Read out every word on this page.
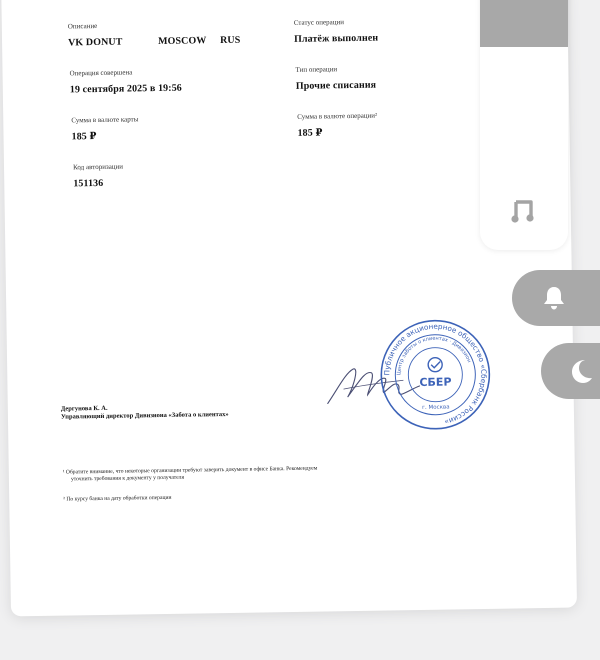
Описание
VK DONUT	MOSCOW	RUS
Статус операции
Платёж выполнен
Операция совершена
19 сентября 2025 в 19:56
Тип операции
Прочие списания
Сумма в валюте карты
185 ₽
Сумма в валюте операции²
185 ₽
Код авторизации
151136
Дергунова К. А.
Управляющий директор Дивизиона «Забота о клиентах»
Публичное акционерное общество «Сбербанк России»
Центр заботы о клиентах · Дивизион
СБЕР
г. Москва
¹ Обратите внимание, что некоторые организации требуют заверить документ в офисе Банка. Рекомендуем
уточнить требования к документу у получателя
² По курсу банка на дату обработки операции
